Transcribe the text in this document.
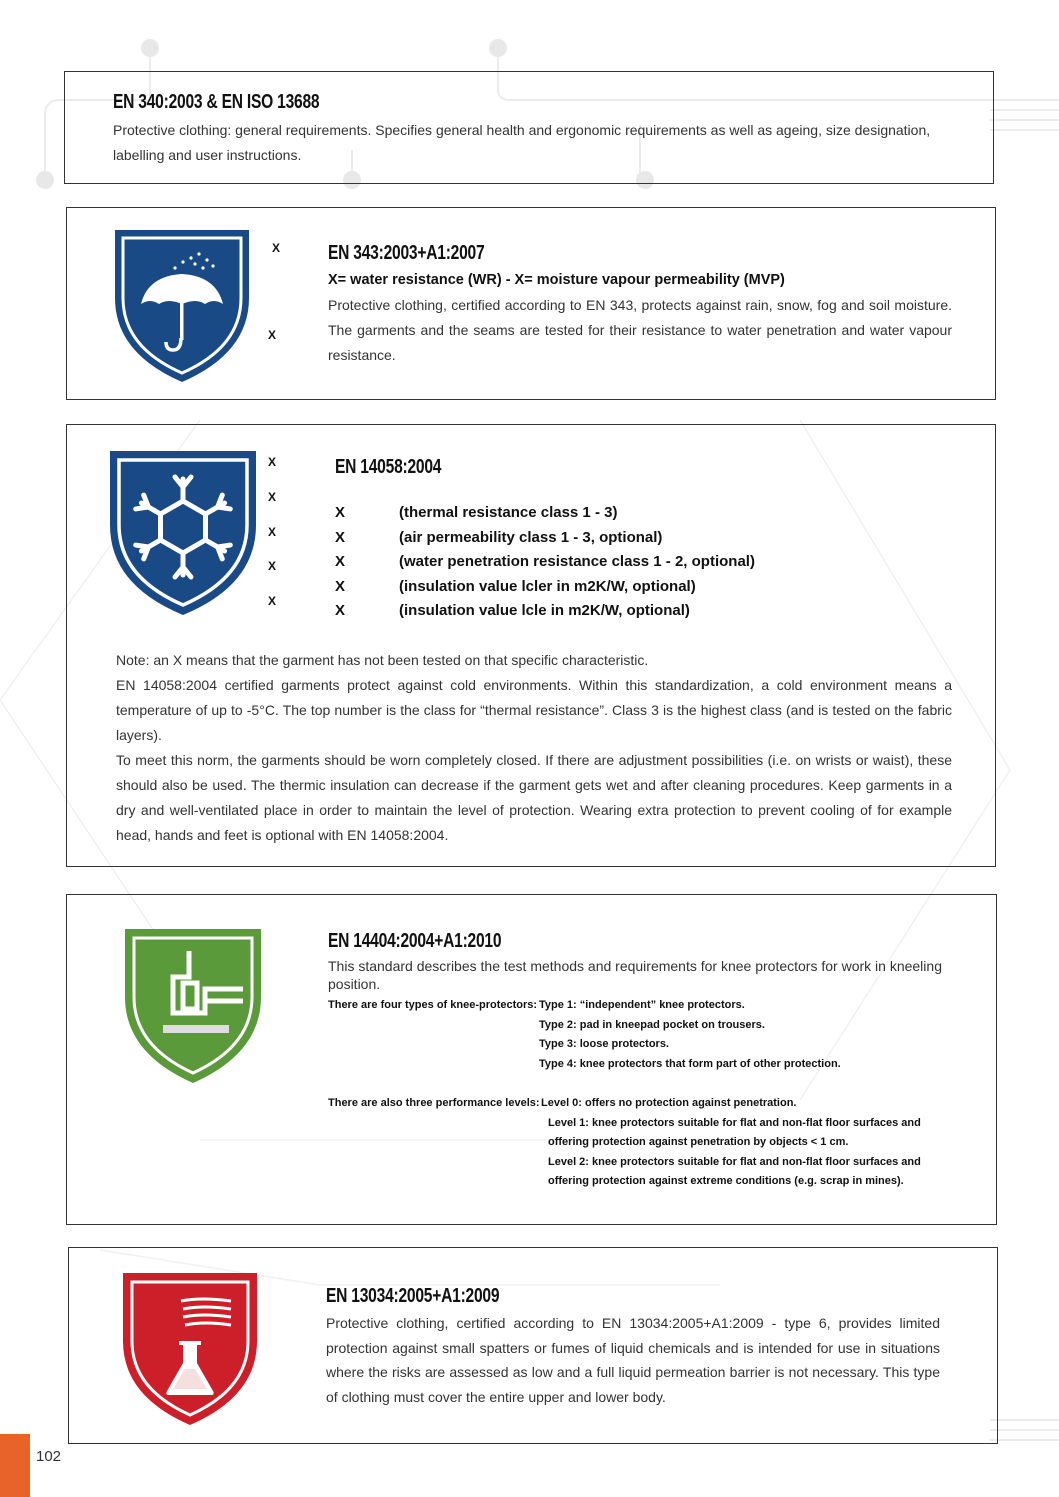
EN 340:2003 & EN ISO 13688
Protective clothing: general requirements. Specifies general health and ergonomic requirements as well as ageing, size designation, labelling and user instructions.
X
X
EN 343:2003+A1:2007
X= water resistance (WR) - X= moisture vapour permeability (MVP)
Protective clothing, certified according to EN 343, protects against rain, snow, fog and soil moisture. The garments and the seams are tested for their resistance to water penetration and water vapour resistance.
X
X
X
X
X
EN 14058:2004
X	(thermal resistance class 1 - 3)
X	(air permeability class 1 - 3, optional)
X	(water penetration resistance class 1 - 2, optional)
X	(insulation value lcler in m2K/W, optional)
X	(insulation value lcle in m2K/W, optional)
Note: an X means that the garment has not been tested on that specific characteristic.
EN 14058:2004 certified garments protect against cold environments. Within this standardization, a cold environment means a temperature of up to -5°C. The top number is the class for “thermal resistance”. Class 3 is the highest class (and is tested on the fabric layers).
To meet this norm, the garments should be worn completely closed. If there are adjustment possibilities (i.e. on wrists or waist), these should also be used. The thermic insulation can decrease if the garment gets wet and after cleaning procedures. Keep garments in a dry and well-ventilated place in order to maintain the level of protection. Wearing extra protection to prevent cooling of for example head, hands and feet is optional with EN 14058:2004.
EN 14404:2004+A1:2010
This standard describes the test methods and requirements for knee protectors for work in kneeling position.
There are four types of knee-protectors: Type 1: “independent” knee protectors.
Type 2: pad in kneepad pocket on trousers.
Type 3: loose protectors.
Type 4: knee protectors that form part of other protection.
There are also three performance levels: Level 0: offers no protection against penetration.
Level 1: knee protectors suitable for flat and non-flat floor surfaces and
offering protection against penetration by objects < 1 cm.
Level 2: knee protectors suitable for flat and non-flat floor surfaces and
offering protection against extreme conditions (e.g. scrap in mines).
EN 13034:2005+A1:2009
Protective clothing, certified according to EN 13034:2005+A1:2009 - type 6, provides limited protection against small spatters or fumes of liquid chemicals and is intended for use in situations where the risks are assessed as low and a full liquid permeation barrier is not necessary. This type of clothing must cover the entire upper and lower body.
102
